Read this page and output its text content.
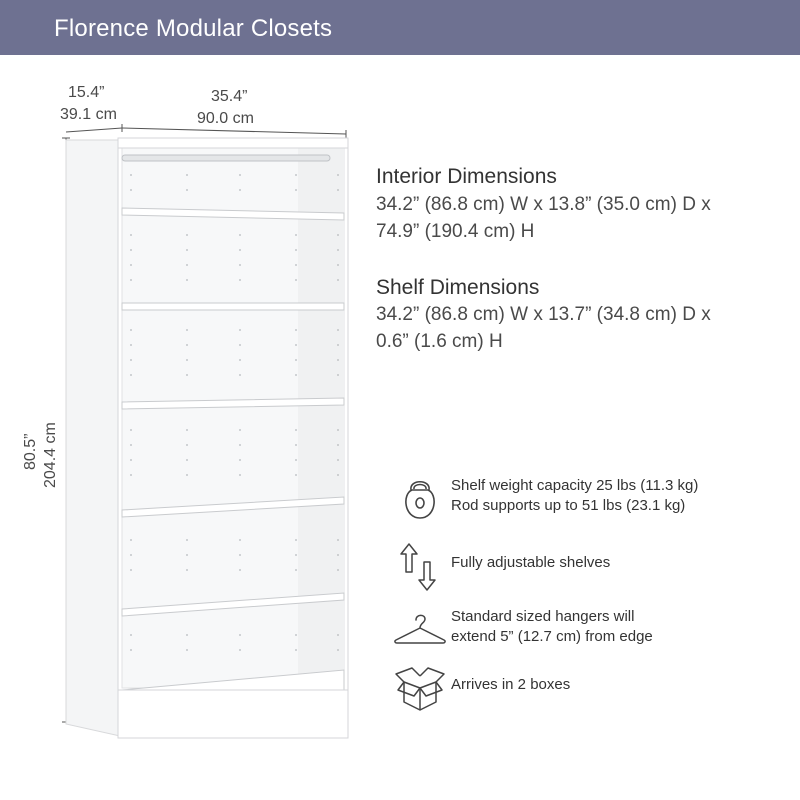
Florence Modular Closets
15.4”
39.1 cm
35.4”
90.0 cm
80.5” 204.4 cm
Interior Dimensions
34.2” (86.8 cm) W x 13.8” (35.0 cm) D x
74.9” (190.4 cm) H
Shelf Dimensions
34.2” (86.8 cm) W x 13.7” (34.8 cm) D x
0.6” (1.6 cm) H
Shelf weight capacity 25 lbs (11.3 kg)
Rod supports up to 51 lbs (23.1 kg)
Fully adjustable shelves
Standard sized hangers will
extend 5” (12.7 cm) from edge
Arrives in 2 boxes
